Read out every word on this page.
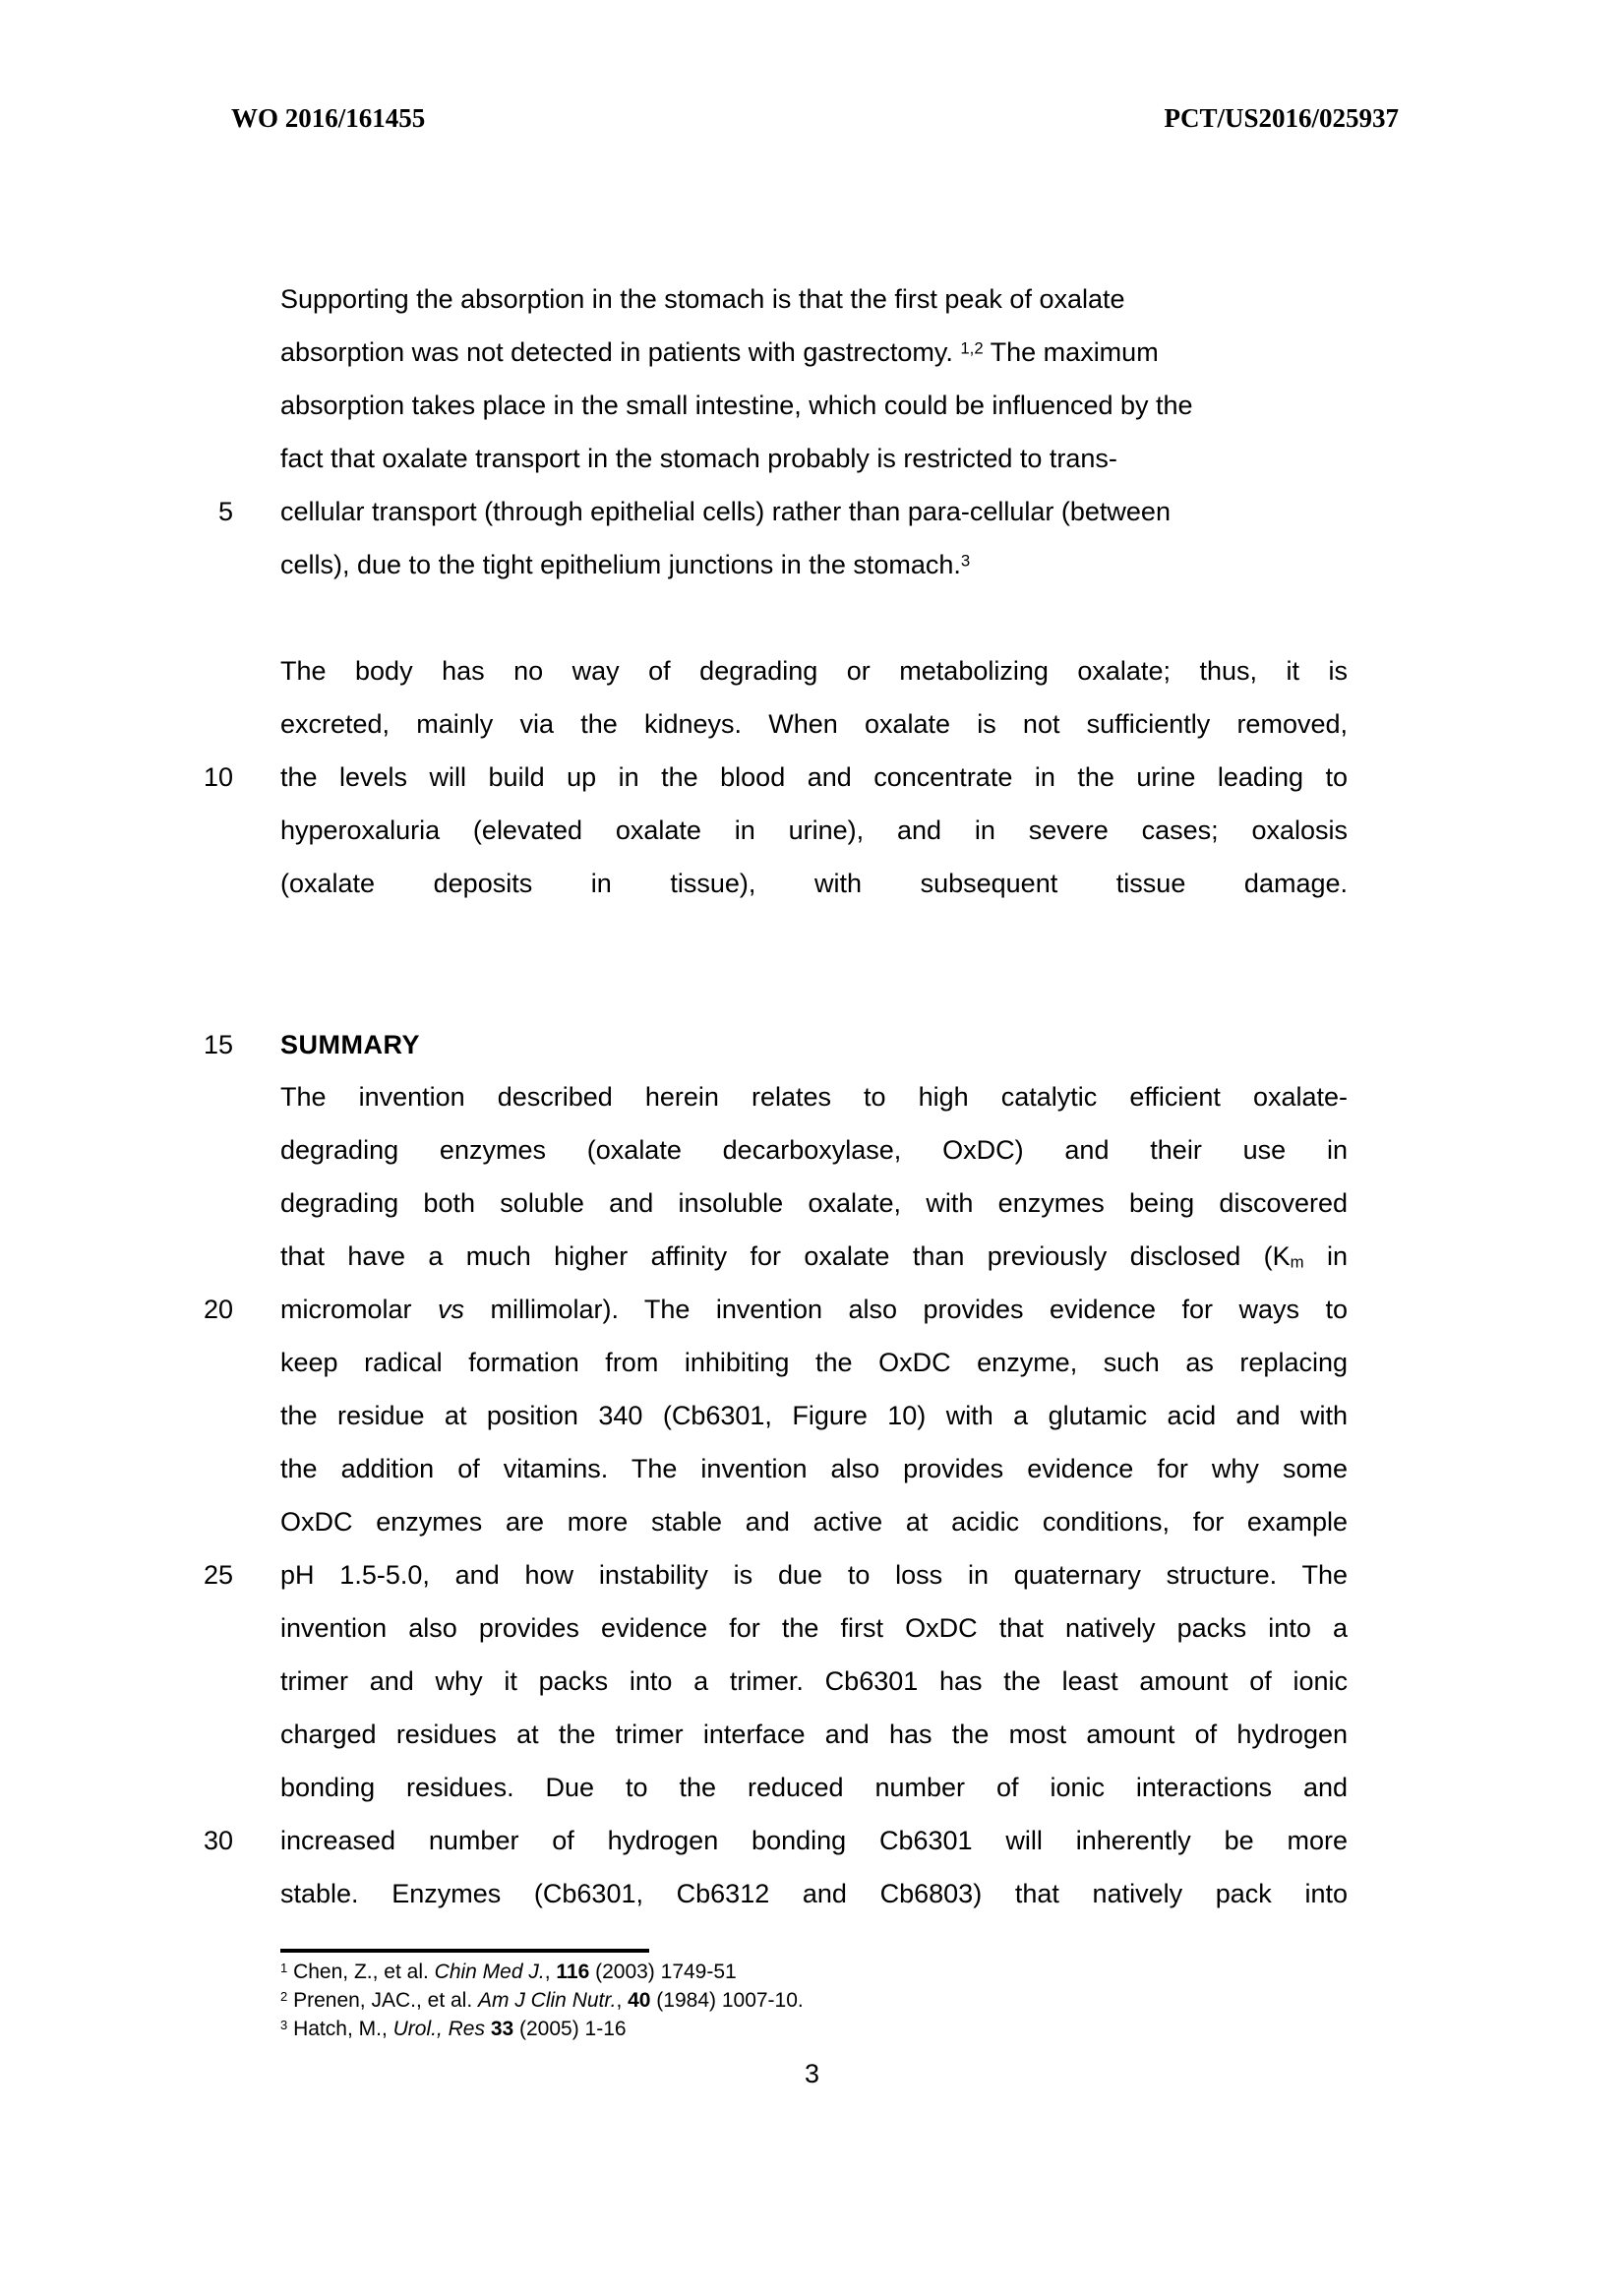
WO 2016/161455	PCT/US2016/025937
Supporting the absorption in the stomach is that the first peak of oxalate
absorption was not detected in patients with gastrectomy. $^{1,2}$ The maximum
absorption takes place in the small intestine, which could be influenced by the
fact that oxalate transport in the stomach probably is restricted to trans-
cellular transport (through epithelial cells) rather than para-cellular (between
cells), due to the tight epithelium junctions in the stomach.$^3$
5
The body has no way of degrading or metabolizing oxalate; thus, it is
excreted, mainly via the kidneys. When oxalate is not sufficiently removed,
the levels will build up in the blood and concentrate in the urine leading to
hyperoxaluria (elevated oxalate in urine), and in severe cases; oxalosis
(oxalate deposits in tissue), with subsequent tissue damage.
10
SUMMARY
15
The invention described herein relates to high catalytic efficient oxalate-
degrading enzymes (oxalate decarboxylase, OxDC) and their use in
degrading both soluble and insoluble oxalate, with enzymes being discovered
that have a much higher affinity for oxalate than previously disclosed ($K_m$ in
micromolar vs millimolar). The invention also provides evidence for ways to
keep radical formation from inhibiting the OxDC enzyme, such as replacing
the residue at position 340 (Cb6301, Figure 10) with a glutamic acid and with
the addition of vitamins. The invention also provides evidence for why some
OxDC enzymes are more stable and active at acidic conditions, for example
pH 1.5-5.0, and how instability is due to loss in quaternary structure. The
invention also provides evidence for the first OxDC that natively packs into a
trimer and why it packs into a trimer. Cb6301 has the least amount of ionic
charged residues at the trimer interface and has the most amount of hydrogen
bonding residues. Due to the reduced number of ionic interactions and
increased number of hydrogen bonding Cb6301 will inherently be more
stable. Enzymes (Cb6301, Cb6312 and Cb6803) that natively pack into
20
25
30
$^1$ Chen, Z., et al. Chin Med J., 116 (2003) 1749-51
$^2$ Prenen, JAC., et al. Am J Clin Nutr., 40 (1984) 1007-10.
$^3$ Hatch, M., Urol., Res 33 (2005) 1-16
3
